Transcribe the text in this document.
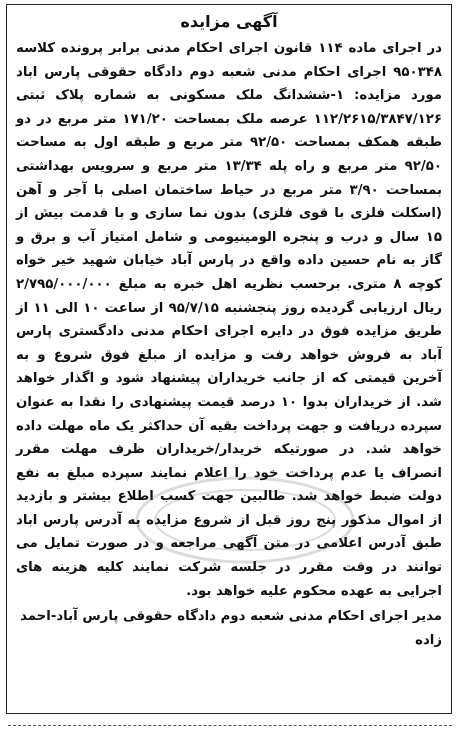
آگهی مزایده

در اجرای ماده ۱۱۴ قانون اجرای احکام مدنی برابر پرونده کلاسه ۹۵۰۳۴۸ اجرای احکام مدنی شعبه دوم دادگاه حقوقی پارس اباد مورد مزایده: ۱-ششدانگ ملک مسکونی به شماره پلاک ثبتی ۱۱۲/۲۶۱۵/۳۸۴۷/۱۲۶ عرصه ملک بمساحت ۱۷۱/۲۰ متر مربع در دو طبقه همکف بمساحت ۹۲/۵۰ متر مربع و طبقه اول به مساحت ۹۲/۵۰ متر مربع و راه پله ۱۳/۳۴ متر مربع و سرویس بهداشتی بمساحت ۳/۹۰ متر مربع در حیاط ساختمان اصلی با آجر و آهن (اسکلت فلزی با قوی فلزی) بدون نما سازی و با قدمت بیش از ۱۵ سال و درب و پنجره الومینیومی و شامل امتیاز آب و برق و گاز به نام حسین داده واقع در پارس آباد خیابان شهید خیر خواه کوچه ۸ متری. برحسب نظریه اهل خبره به مبلغ ۲/۷۹۵/۰۰۰/۰۰۰ ریال ارزیابی گردیده روز پنجشنبه ۹۵/۷/۱۵ از ساعت ۱۰ الی ۱۱ از طریق مزایده فوق در دایره اجرای احکام مدنی دادگستری پارس آباد به فروش خواهد رفت و مزایده از مبلغ فوق شروع و به آخرین قیمتی که از جانب خریداران پیشنهاد شود و اگذار خواهد شد. از خریداران بدوا ۱۰ درصد قیمت پیشنهادی را نقدا به عنوان سپرده دریافت و جهت پرداخت بقیه آن حداکثر یک ماه مهلت داده خواهد شد. در صورتیکه خریدار/خریداران ظرف مهلت مقرر انصراف یا عدم پرداخت خود را اعلام نمایند سپرده مبلغ به نفع دولت ضبط خواهد شد. طالبین جهت کسب اطلاع بیشتر و بازدید از اموال مذکور پنج روز قبل از شروع مزایده به آدرس پارس اباد طبق آدرس اعلامی در متن آگهی مراجعه و در صورت تمایل می توانند در وقت مقرر در جلسه شرکت نمایند کلیه هزینه های اجرایی به عهده محکوم علیه خواهد بود.

مدیر اجرای احکام مدنی شعبه دوم دادگاه حقوقی پارس آباد-احمد زاده
